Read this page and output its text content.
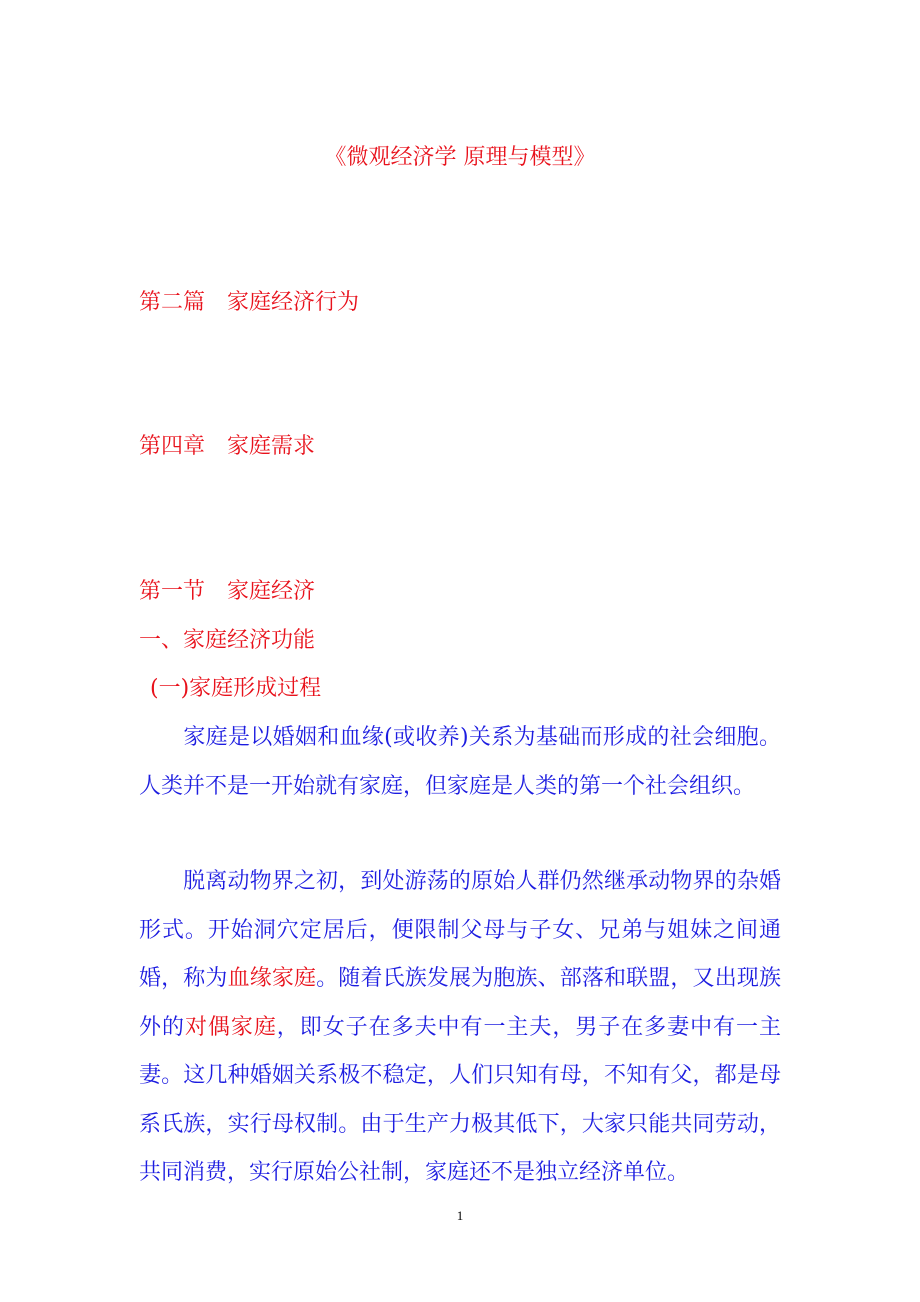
《微观经济学 原理与模型》
第二篇　家庭经济行为
第四章　家庭需求
第一节　家庭经济
一、家庭经济功能
(一)家庭形成过程
家庭是以婚姻和血缘(或收养)关系为基础而形成的社会细胞。人类并不是一开始就有家庭，但家庭是人类的第一个社会组织。
脱离动物界之初，到处游荡的原始人群仍然继承动物界的杂婚形式。开始洞穴定居后，便限制父母与子女、兄弟与姐妹之间通婚，称为血缘家庭。随着氏族发展为胞族、部落和联盟，又出现族外的对偶家庭，即女子在多夫中有一主夫，男子在多妻中有一主妻。这几种婚姻关系极不稳定，人们只知有母，不知有父，都是母系氏族，实行母权制。由于生产力极其低下，大家只能共同劳动，共同消费，实行原始公社制，家庭还不是独立经济单位。
1
